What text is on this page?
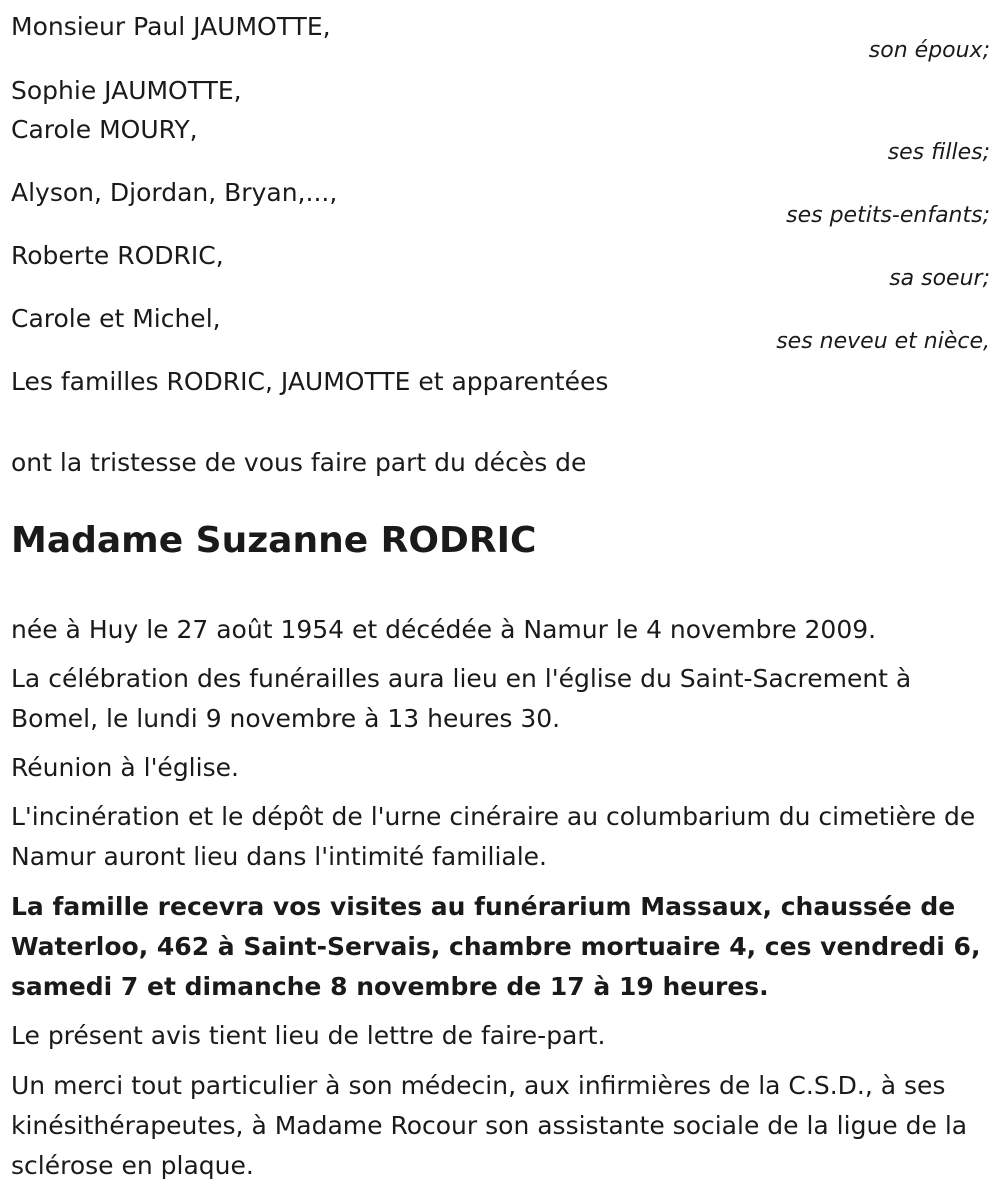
Monsieur Paul JAUMOTTE,
son époux;
Sophie JAUMOTTE,
Carole MOURY,
ses filles;
Alyson, Djordan, Bryan,...,
ses petits-enfants;
Roberte RODRIC,
sa soeur;
Carole et Michel,
ses neveu et nièce,
Les familles RODRIC, JAUMOTTE et apparentées
ont la tristesse de vous faire part du décès de
Madame Suzanne RODRIC
née à Huy le 27 août 1954 et décédée à Namur le 4 novembre 2009.
La célébration des funérailles aura lieu en l'église du Saint-Sacrement à Bomel, le lundi 9 novembre à 13 heures 30.
Réunion à l'église.
L'incinération et le dépôt de l'urne cinéraire au columbarium du cimetière de Namur auront lieu dans l'intimité familiale.
La famille recevra vos visites au funérarium Massaux, chaussée de Waterloo, 462 à Saint-Servais, chambre mortuaire 4, ces vendredi 6, samedi 7 et dimanche 8 novembre de 17 à 19 heures.
Le présent avis tient lieu de lettre de faire-part.
Un merci tout particulier à son médecin, aux infirmières de la C.S.D., à ses kinésithérapeutes, à Madame Rocour son assistante sociale de la ligue de la sclérose en plaque.
